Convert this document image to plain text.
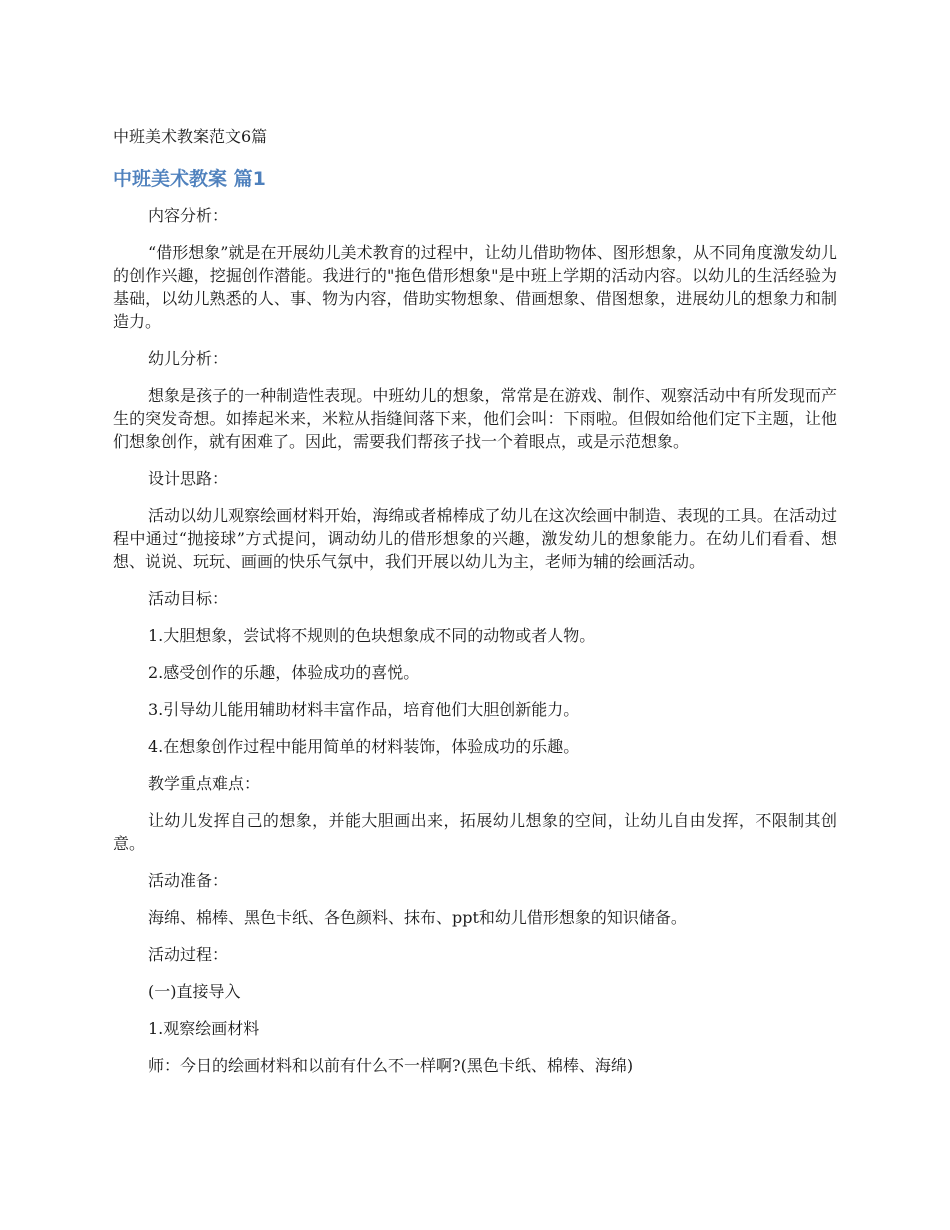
中班美术教案范文6篇
中班美术教案 篇1

内容分析：

“借形想象”就是在开展幼儿美术教育的过程中，让幼儿借助物体、图形想象，从不同角度激发幼儿的创作兴趣，挖掘创作潜能。我进行的"拖色借形想象"是中班上学期的活动内容。以幼儿的生活经验为基础，以幼儿熟悉的人、事、物为内容，借助实物想象、借画想象、借图想象，进展幼儿的想象力和制造力。

幼儿分析：

想象是孩子的一种制造性表现。中班幼儿的想象，常常是在游戏、制作、观察活动中有所发现而产生的突发奇想。如捧起米来，米粒从指缝间落下来，他们会叫：下雨啦。但假如给他们定下主题，让他们想象创作，就有困难了。因此，需要我们帮孩子找一个着眼点，或是示范想象。

设计思路：

活动以幼儿观察绘画材料开始，海绵或者棉棒成了幼儿在这次绘画中制造、表现的工具。在活动过程中通过“抛接球”方式提问，调动幼儿的借形想象的兴趣，激发幼儿的想象能力。在幼儿们看看、想想、说说、玩玩、画画的快乐气氛中，我们开展以幼儿为主，老师为辅的绘画活动。

活动目标：

1.大胆想象，尝试将不规则的色块想象成不同的动物或者人物。

2.感受创作的乐趣，体验成功的喜悦。

3.引导幼儿能用辅助材料丰富作品，培育他们大胆创新能力。

4.在想象创作过程中能用简单的材料装饰，体验成功的乐趣。

教学重点难点：

让幼儿发挥自己的想象，并能大胆画出来，拓展幼儿想象的空间，让幼儿自由发挥，不限制其创意。

活动准备：

海绵、棉棒、黑色卡纸、各色颜料、抹布、ppt和幼儿借形想象的知识储备。

活动过程：

(一)直接导入

1.观察绘画材料

师：今日的绘画材料和以前有什么不一样啊?(黑色卡纸、棉棒、海绵)
